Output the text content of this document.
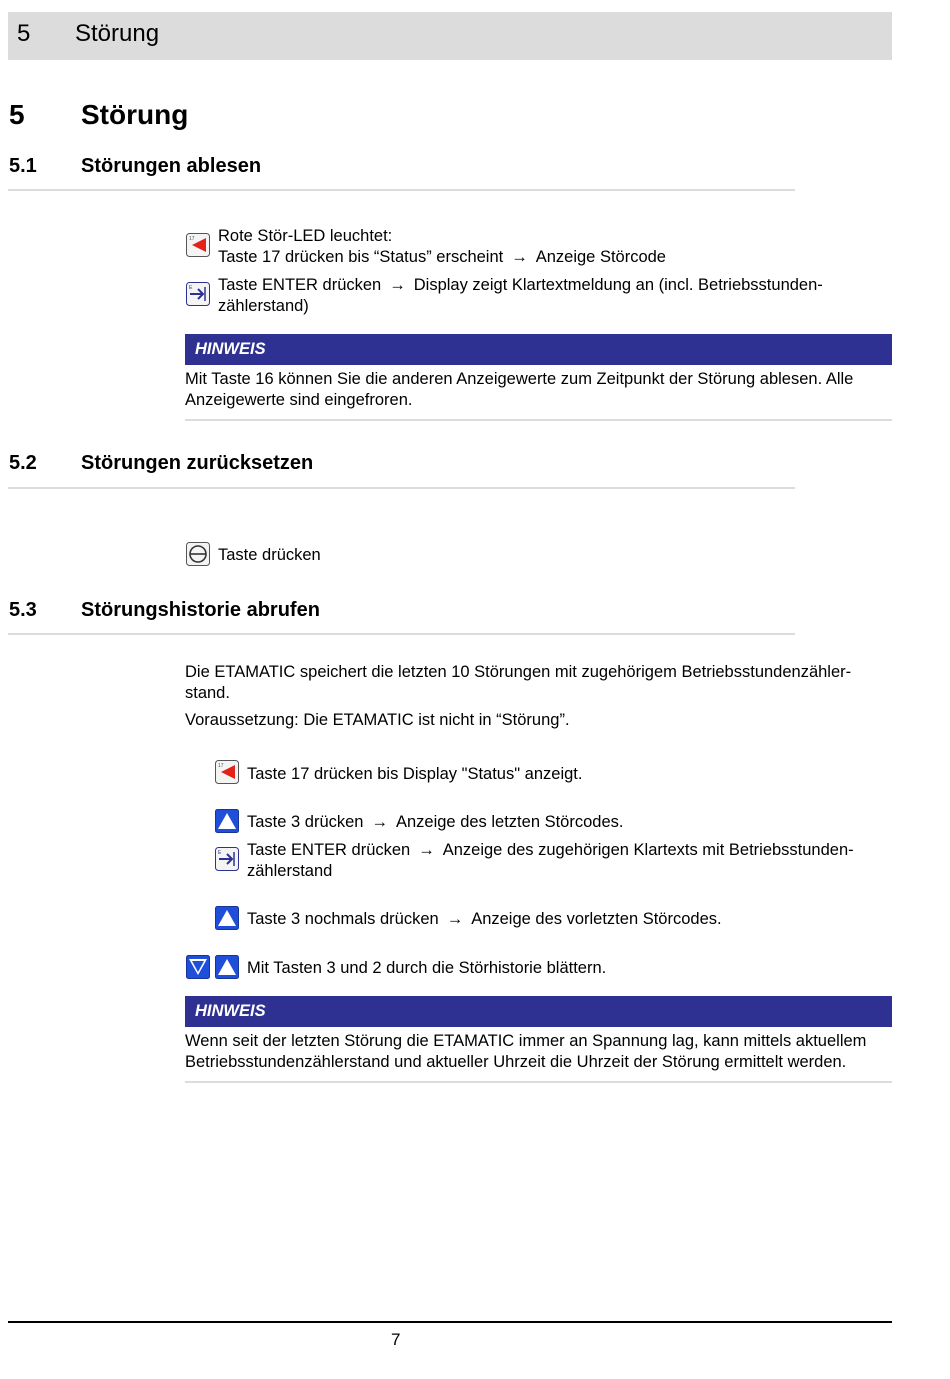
5 Störung
5 Störung
5.1 Störungen ablesen
17 Rote Stör-LED leuchtet:
Taste 17 drücken bis “Status” erscheint → Anzeige Störcode
E Taste ENTER drücken → Display zeigt Klartextmeldung an (incl. Betriebsstunden-
zählerstand)
HINWEIS
Mit Taste 16 können Sie die anderen Anzeigewerte zum Zeitpunkt der Störung ablesen. Alle
Anzeigewerte sind eingefroren.
5.2 Störungen zurücksetzen
Taste drücken
5.3 Störungshistorie abrufen
Die ETAMATIC speichert die letzten 10 Störungen mit zugehörigem Betriebsstundenzähler-
stand.
Voraussetzung: Die ETAMATIC ist nicht in “Störung”.
17 Taste 17 drücken bis Display "Status" anzeigt.
Taste 3 drücken → Anzeige des letzten Störcodes.
E Taste ENTER drücken → Anzeige des zugehörigen Klartexts mit Betriebsstunden-
zählerstand
Taste 3 nochmals drücken → Anzeige des vorletzten Störcodes.
Mit Tasten 3 und 2 durch die Störhistorie blättern.
HINWEIS
Wenn seit der letzten Störung die ETAMATIC immer an Spannung lag, kann mittels aktuellem
Betriebsstundenzählerstand und aktueller Uhrzeit die Uhrzeit der Störung ermittelt werden.
7
